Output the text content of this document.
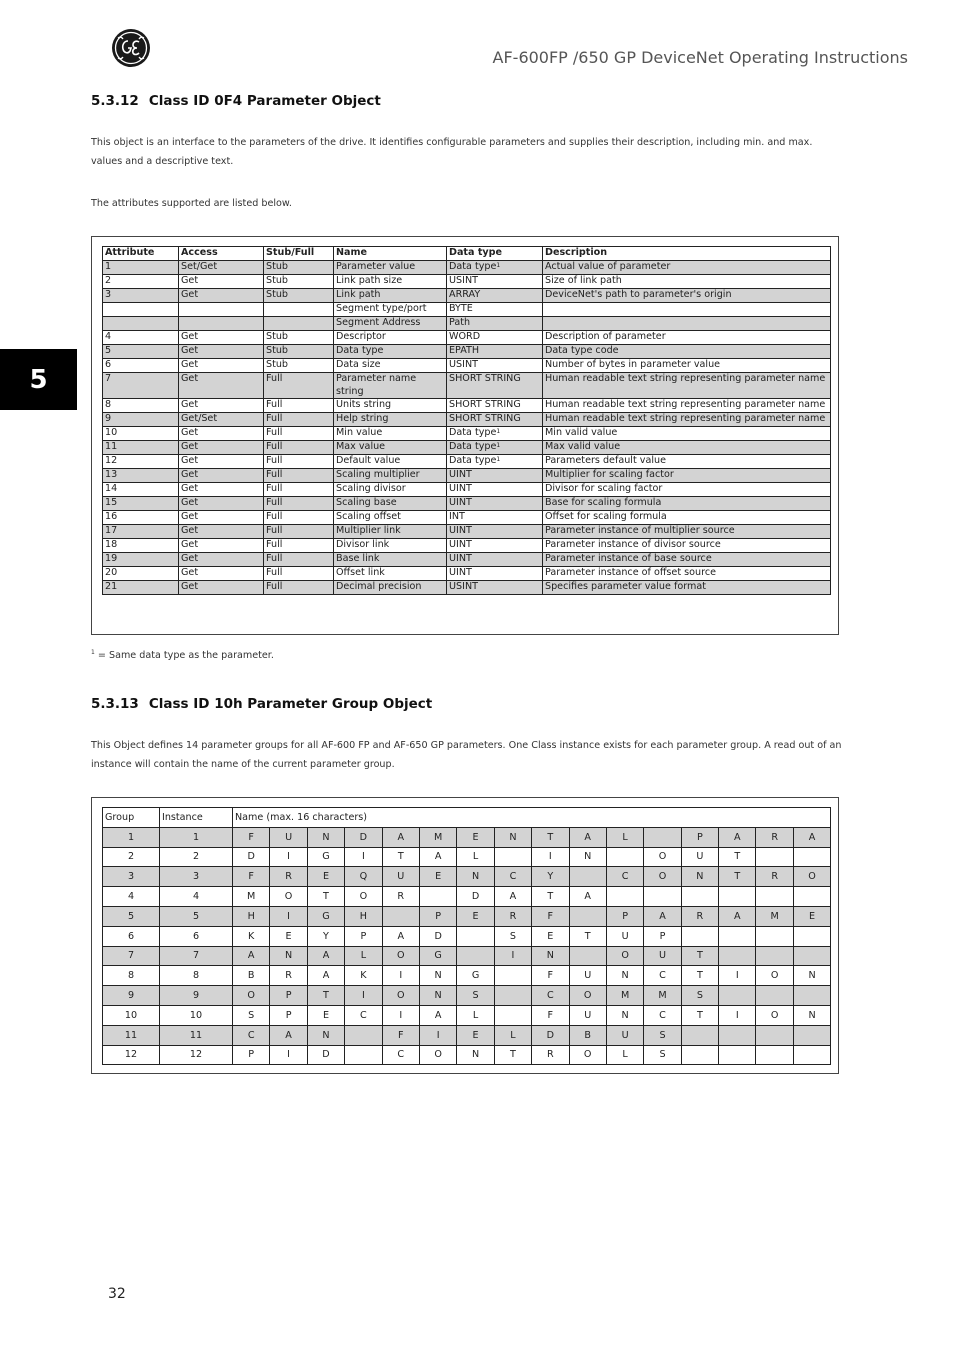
AF-600FP /650 GP DeviceNet Operating Instructions
5
5.3.12 Class ID 0F4 Parameter Object

This object is an interface to the parameters of the drive. It identifies configurable parameters and supplies their description, including min. and max. values and a descriptive text.

The attributes supported are listed below.

Attribute	Access	Stub/Full	Name	Data type	Description
1	Set/Get	Stub	Parameter value	Data type$^1$	Actual value of parameter
2	Get	Stub	Link path size	USINT	Size of link path
3	Get	Stub	Link path	ARRAY	DeviceNet's path to parameter's origin
			Segment type/port	BYTE	
			Segment Address	Path	
4	Get	Stub	Descriptor	WORD	Description of parameter
5	Get	Stub	Data type	EPATH	Data type code
6	Get	Stub	Data size	USINT	Number of bytes in parameter value
7	Get	Full	Parameter name string	SHORT STRING	Human readable text string representing parameter name
8	Get	Full	Units string	SHORT STRING	Human readable text string representing parameter name
9	Get/Set	Full	Help string	SHORT STRING	Human readable text string representing parameter name
10	Get	Full	Min value	Data type$^1$	Min valid value
11	Get	Full	Max value	Data type$^1$	Max valid value
12	Get	Full	Default value	Data type$^1$	Parameters default value
13	Get	Full	Scaling multiplier	UINT	Multiplier for scaling factor
14	Get	Full	Scaling divisor	UINT	Divisor for scaling factor
15	Get	Full	Scaling base	UINT	Base for scaling formula
16	Get	Full	Scaling offset	INT	Offset for scaling formula
17	Get	Full	Multiplier link	UINT	Parameter instance of multiplier source
18	Get	Full	Divisor link	UINT	Parameter instance of divisor source
19	Get	Full	Base link	UINT	Parameter instance of base source
20	Get	Full	Offset link	UINT	Parameter instance of offset source
21	Get	Full	Decimal precision	USINT	Specifies parameter value format

$^1$ = Same data type as the parameter.

5.3.13 Class ID 10h Parameter Group Object

This Object defines 14 parameter groups for all AF-600 FP and AF-650 GP parameters. One Class instance exists for each parameter group. A read out of an instance will contain the name of the current parameter group.

Group	Instance	Name (max. 16 characters)															
1	1	F	U	N	D	A	M	E	N	T	A	L		P	A	R	A
2	2	D	I	G	I	T	A	L		I	N		O	U	T		
3	3	F	R	E	Q	U	E	N	C	Y		C	O	N	T	R	O
4	4	M	O	T	O	R		D	A	T	A						
5	5	H	I	G	H		P	E	R	F		P	A	R	A	M	E
6	6	K	E	Y	P	A	D		S	E	T	U	P				
7	7	A	N	A	L	O	G		I	N		O	U	T			
8	8	B	R	A	K	I	N	G		F	U	N	C	T	I	O	N
9	9	O	P	T	I	O	N	S		C	O	M	M	S			
10	10	S	P	E	C	I	A	L		F	U	N	C	T	I	O	N
11	11	C	A	N		F	I	E	L	D	B	U	S				
12	12	P	I	D		C	O	N	T	R	O	L	S				
32
